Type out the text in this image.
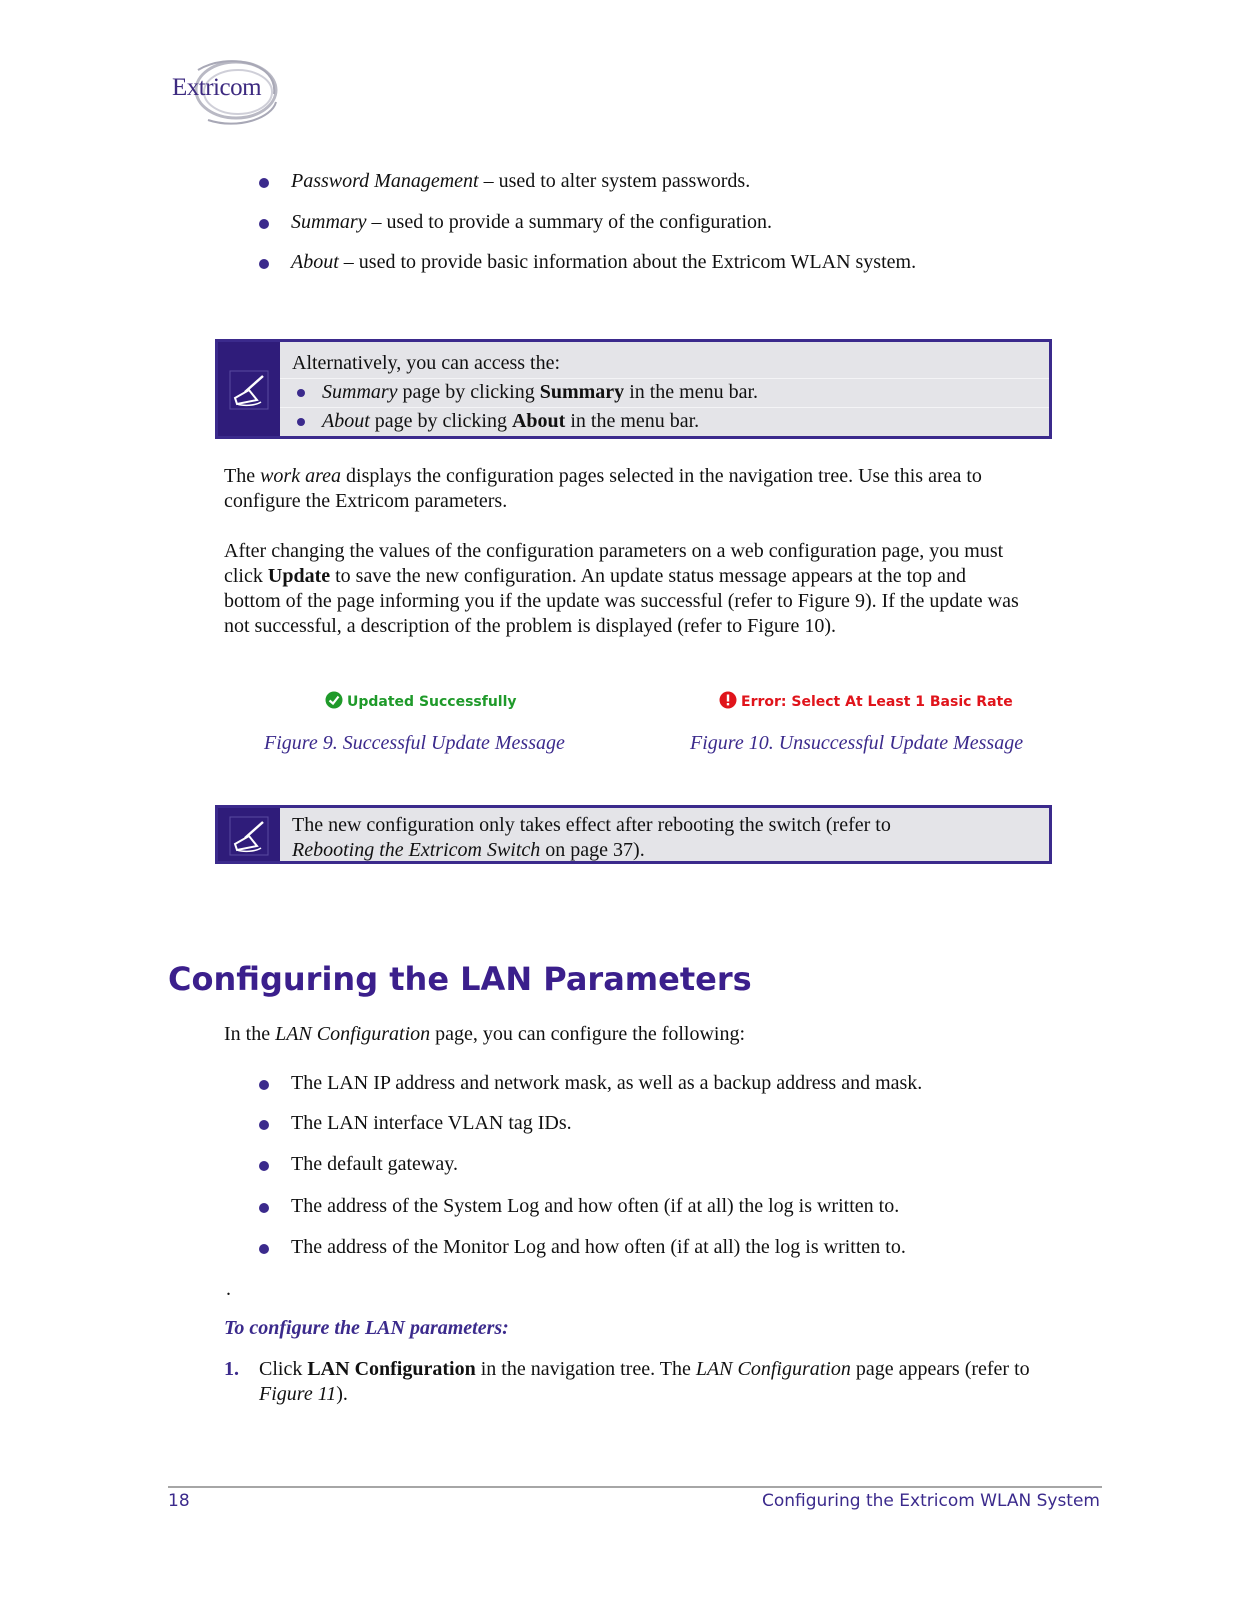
Extricom
Password Management – used to alter system passwords.
Summary – used to provide a summary of the configuration.
About – used to provide basic information about the Extricom WLAN system.
Alternatively, you can access the:
Summary page by clicking Summary in the menu bar.
About page by clicking About in the menu bar.
The work area displays the configuration pages selected in the navigation tree. Use this area to
configure the Extricom parameters.
After changing the values of the configuration parameters on a web configuration page, you must
click Update to save the new configuration. An update status message appears at the top and
bottom of the page informing you if the update was successful (refer to Figure 9). If the update was
not successful, a description of the problem is displayed (refer to Figure 10).
Updated Successfully	Error: Select At Least 1 Basic Rate
Figure 9. Successful Update Message	Figure 10. Unsuccessful Update Message
The new configuration only takes effect after rebooting the switch (refer to
Rebooting the Extricom Switch on page 37).
Configuring the LAN Parameters
In the LAN Configuration page, you can configure the following:
The LAN IP address and network mask, as well as a backup address and mask.
The LAN interface VLAN tag IDs.
The default gateway.
The address of the System Log and how often (if at all) the log is written to.
The address of the Monitor Log and how often (if at all) the log is written to.
.
To configure the LAN parameters:
1. Click LAN Configuration in the navigation tree. The LAN Configuration page appears (refer to
Figure 11).
18	Configuring the Extricom WLAN System
